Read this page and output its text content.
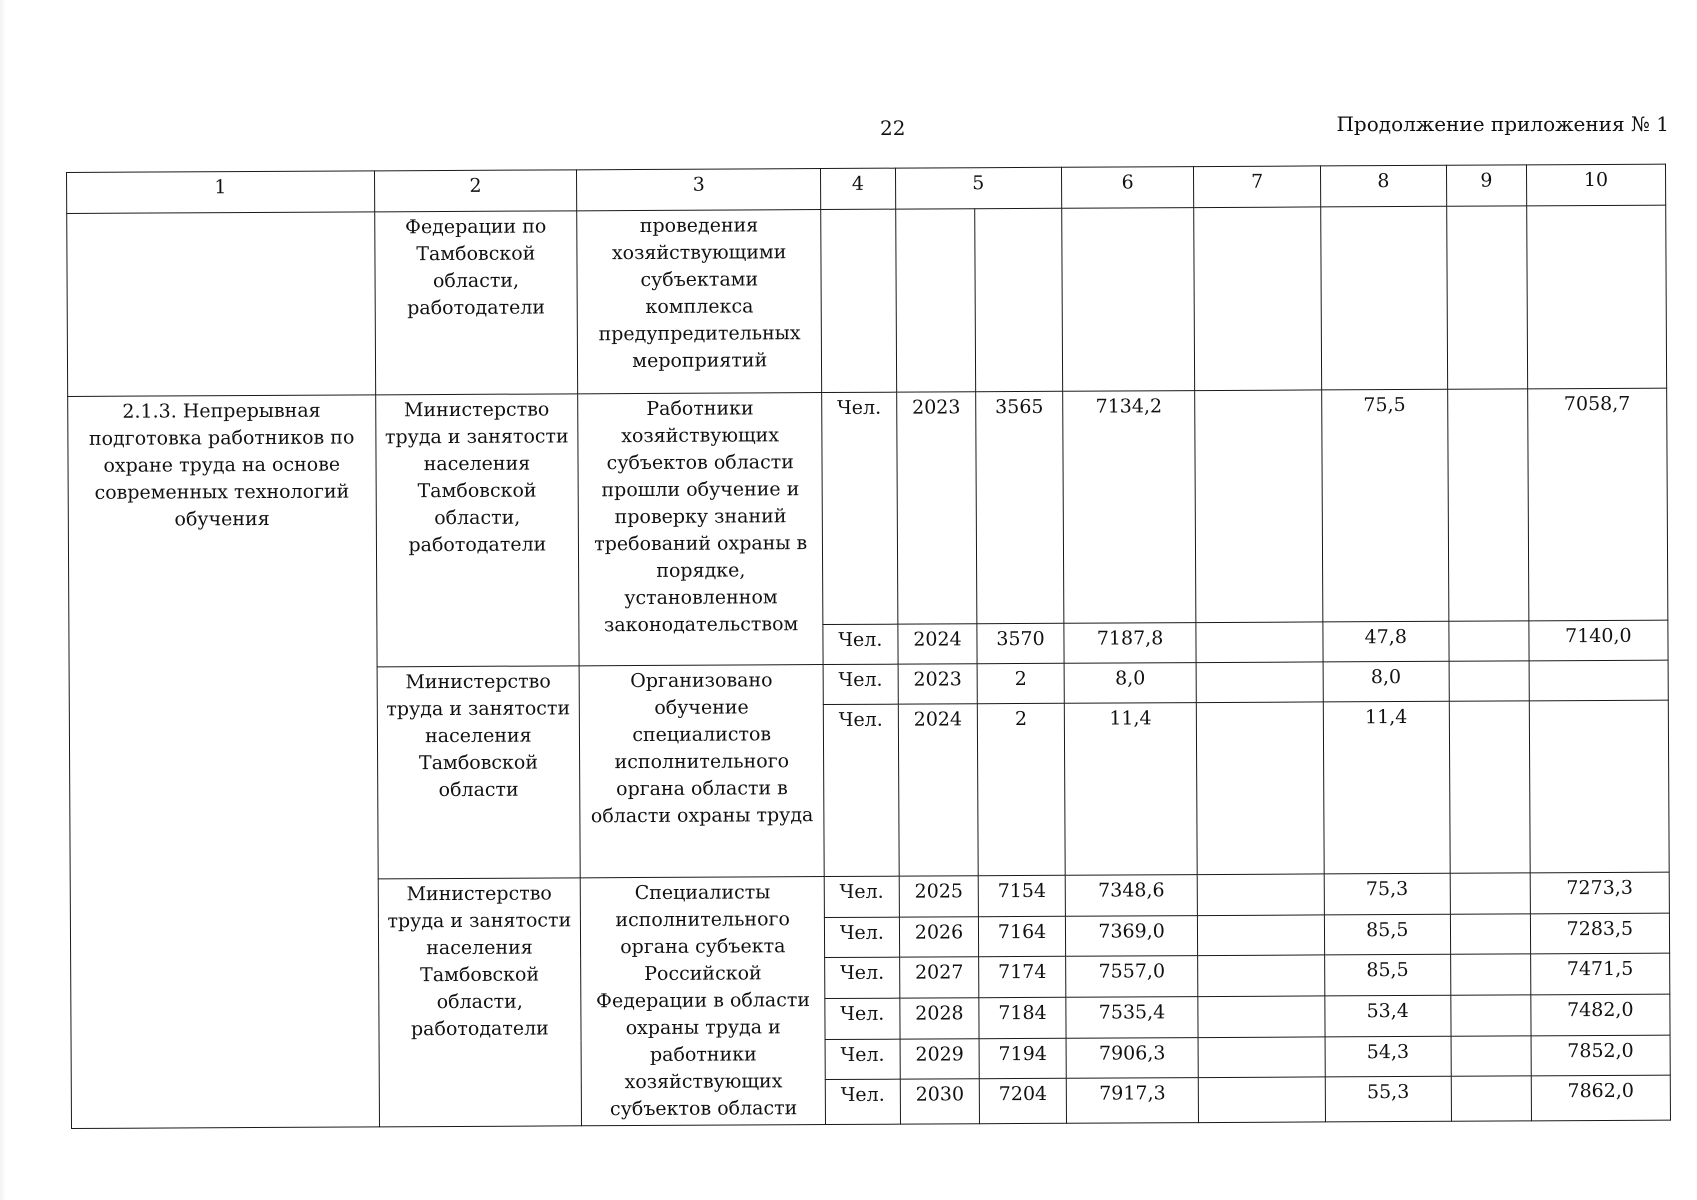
22	Продолжение приложения № 1
1	2	3	4	5		6	7	8	9	10
	Федерации по Тамбовской области, работодатели	проведения хозяйствующими субъектами комплекса предупредительных мероприятий								
2.1.3. Непрерывная подготовка работников по охране труда на основе современных технологий обучения	Министерство труда и занятости населения Тамбовской области, работодатели	Работники хозяйствующих субъектов области прошли обучение и проверку знаний требований охраны в порядке, установленном законодательством	Чел.	2023	3565	7134,2		75,5		7058,7
			Чел.	2024	3570	7187,8		47,8		7140,0
	Министерство труда и занятости населения Тамбовской области	Организовано обучение специалистов исполнительного органа области в области охраны труда	Чел.	2023	2	8,0		8,0		
			Чел.	2024	2	11,4		11,4		
	Министерство труда и занятости населения Тамбовской области, работодатели	Специалисты исполнительного органа субъекта Российской Федерации в области охраны труда и работники хозяйствующих субъектов области	Чел.	2025	7154	7348,6		75,3		7273,3
			Чел.	2026	7164	7369,0		85,5		7283,5
			Чел.	2027	7174	7557,0		85,5		7471,5
			Чел.	2028	7184	7535,4		53,4		7482,0
			Чел.	2029	7194	7906,3		54,3		7852,0
			Чел.	2030	7204	7917,3		55,3		7862,0
